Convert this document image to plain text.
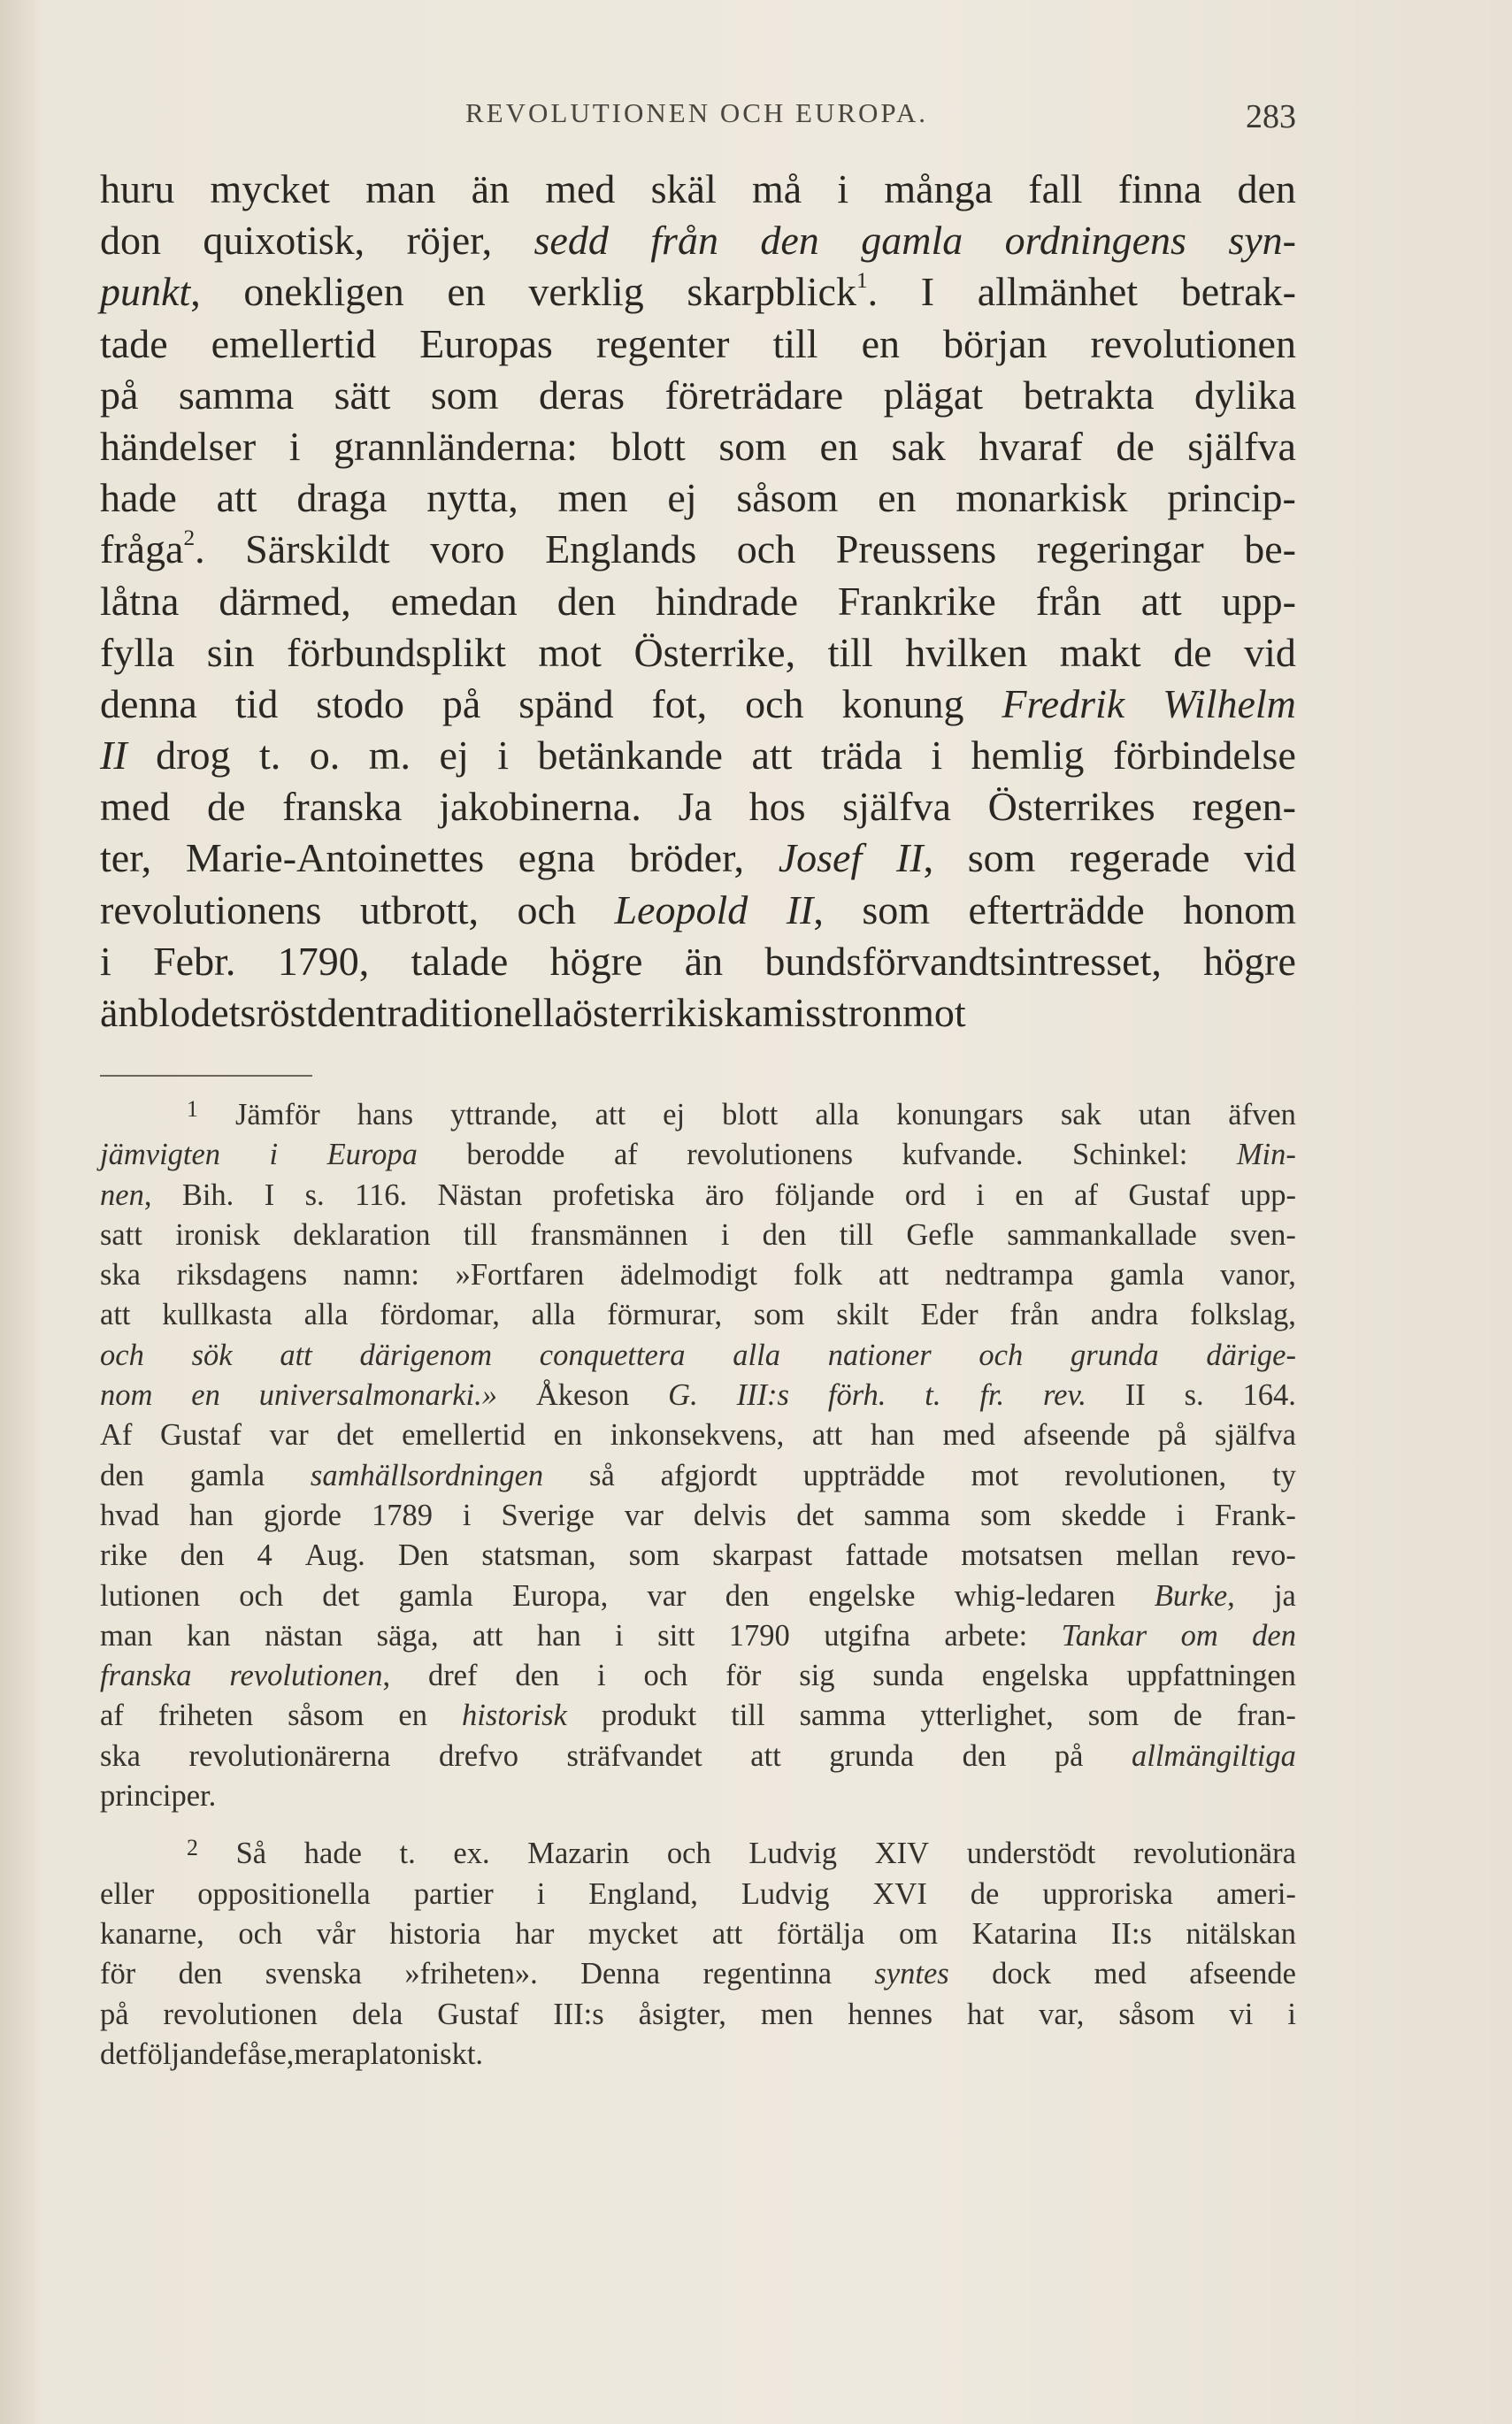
REVOLUTIONEN OCH EUROPA.	283
huru mycket man än med skäl må i många fall finna den
don quixotisk, röjer, sedd från den gamla ordningens syn-
punkt, onekligen en verklig skarpblick$^1$. I allmänhet betrak-
tade emellertid Europas regenter till en början revolutionen
på samma sätt som deras företrädare plägat betrakta dylika
händelser i grannländerna: blott som en sak hvaraf de själfva
hade att draga nytta, men ej såsom en monarkisk princip-
fråga$^2$. Särskildt voro Englands och Preussens regeringar be-
låtna därmed, emedan den hindrade Frankrike från att upp-
fylla sin förbundsplikt mot Österrike, till hvilken makt de vid
denna tid stodo på spänd fot, och konung Fredrik Wilhelm
II drog t. o. m. ej i betänkande att träda i hemlig förbindelse
med de franska jakobinerna. Ja hos själfva Österrikes regen-
ter, Marie-Antoinettes egna bröder, Josef II, som regerade vid
revolutionens utbrott, och Leopold II, som efterträdde honom
i Febr. 1790, talade högre än bundsförvandtsintresset, högre
än blodets röst den traditionella österrikiska misstron mot
$^1$ Jämför hans yttrande, att ej blott alla konungars sak utan äfven
jämvigten i Europa berodde af revolutionens kufvande. Schinkel: Min-
nen, Bih. I s. 116. Nästan profetiska äro följande ord i en af Gustaf upp-
satt ironisk deklaration till fransmännen i den till Gefle sammankallade sven-
ska riksdagens namn: »Fortfaren ädelmodigt folk att nedtrampa gamla vanor,
att kullkasta alla fördomar, alla förmurar, som skilt Eder från andra folkslag,
och sök att därigenom conquettera alla nationer och grunda därige-
nom en universalmonarki.» Åkeson G. III:s förh. t. fr. rev. II s. 164.
Af Gustaf var det emellertid en inkonsekvens, att han med afseende på själfva
den gamla samhällsordningen så afgjordt uppträdde mot revolutionen, ty
hvad han gjorde 1789 i Sverige var delvis det samma som skedde i Frank-
rike den 4 Aug. Den statsman, som skarpast fattade motsatsen mellan revo-
lutionen och det gamla Europa, var den engelske whig-ledaren Burke, ja
man kan nästan säga, att han i sitt 1790 utgifna arbete: Tankar om den
franska revolutionen, dref den i och för sig sunda engelska uppfattningen
af friheten såsom en historisk produkt till samma ytterlighet, som de fran-
ska revolutionärerna drefvo sträfvandet att grunda den på allmängiltiga
principer.
$^2$ Så hade t. ex. Mazarin och Ludvig XIV understödt revolutionära
eller oppositionella partier i England, Ludvig XVI de upproriska ameri-
kanarne, och vår historia har mycket att förtälja om Katarina II:s nitälskan
för den svenska »friheten». Denna regentinna syntes dock med afseende
på revolutionen dela Gustaf III:s åsigter, men hennes hat var, såsom vi i
det följande få se, mera platoniskt.
